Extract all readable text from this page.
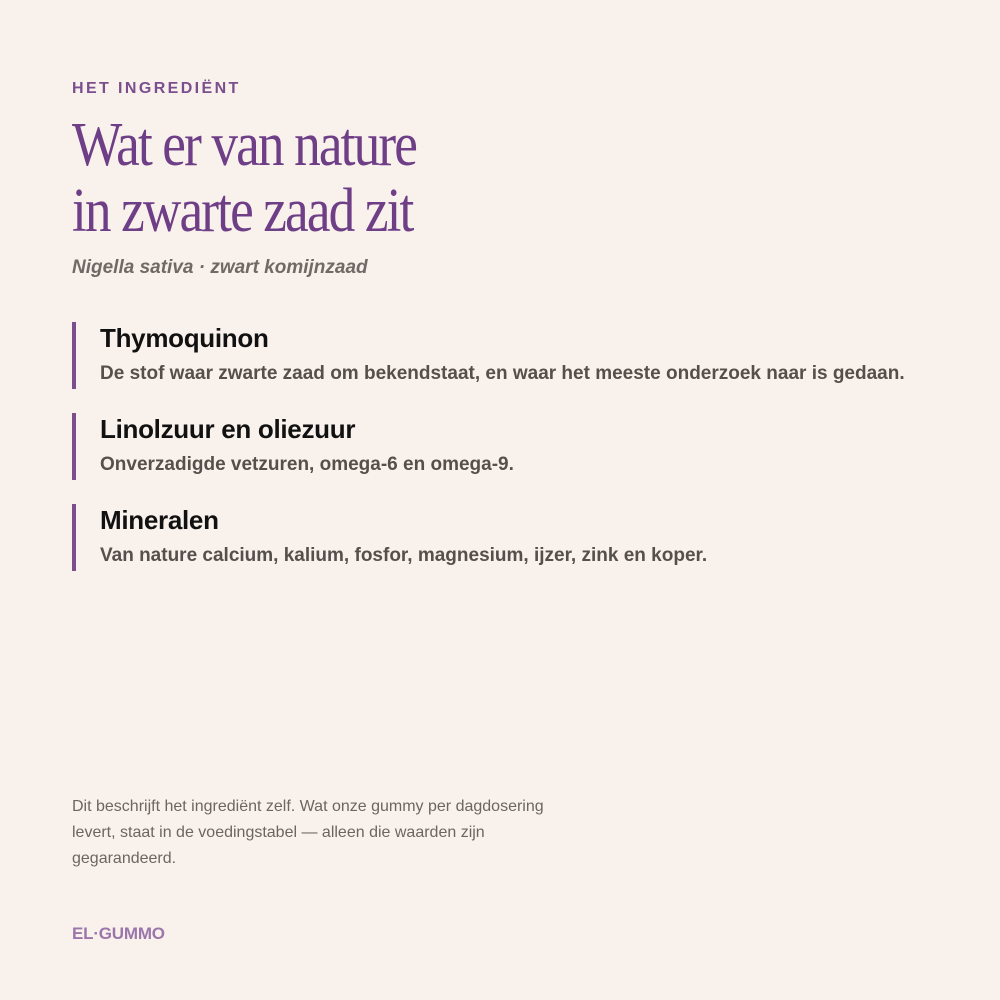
HET INGREDIËNT
Wat er van nature
in zwarte zaad zit
Nigella sativa · zwart komijnzaad
Thymoquinon
De stof waar zwarte zaad om bekendstaat, en waar het meeste onderzoek naar is gedaan.
Linolzuur en oliezuur
Onverzadigde vetzuren, omega-6 en omega-9.
Mineralen
Van nature calcium, kalium, fosfor, magnesium, ijzer, zink en koper.
Dit beschrijft het ingrediënt zelf. Wat onze gummy per dagdosering levert, staat in de voedingstabel — alleen die waarden zijn gegarandeerd.
EL·GUMMO
